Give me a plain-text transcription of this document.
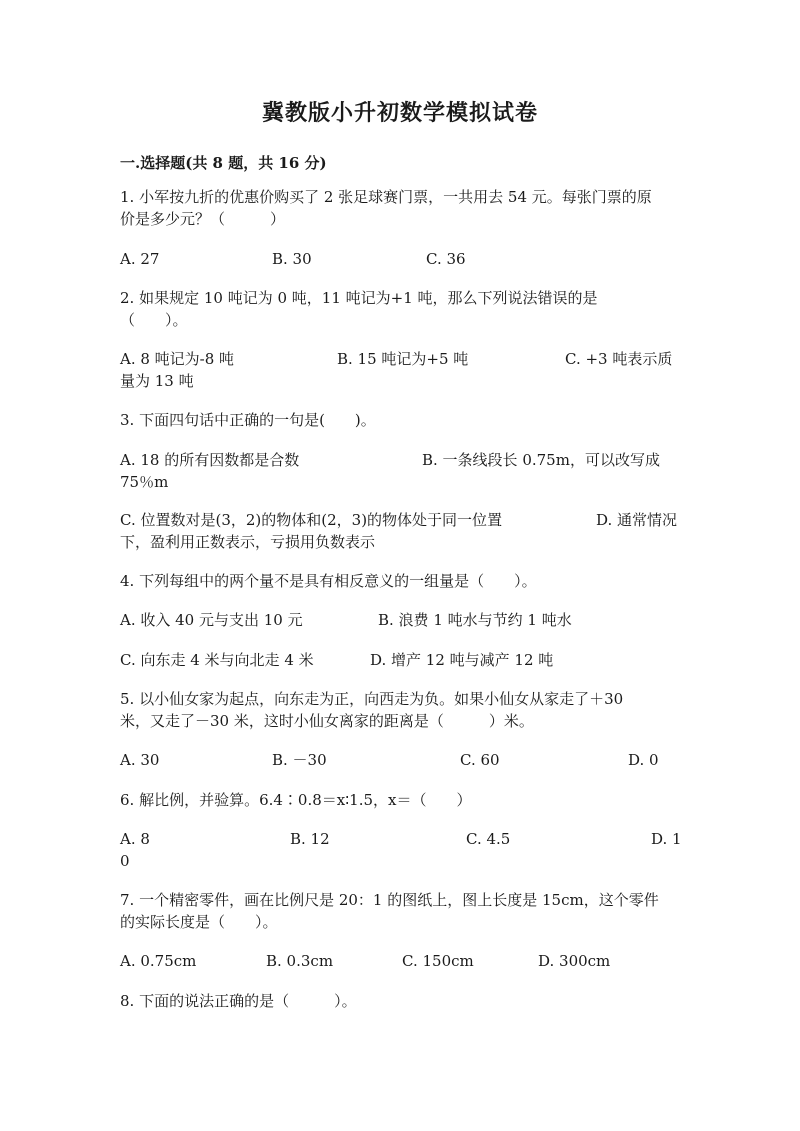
冀教版小升初数学模拟试卷
一.选择题(共 8 题，共 16 分)
1. 小军按九折的优惠价购买了 2 张足球赛门票，一共用去 54 元。每张门票的原
价是多少元？（　　　）
A. 27	B. 30	C. 36
2. 如果规定 10 吨记为 0 吨，11 吨记为+1 吨，那么下列说法错误的是
（　　）。
A. 8 吨记为-8 吨	B. 15 吨记为+5 吨	C. +3 吨表示质
量为 13 吨
3. 下面四句话中正确的一句是(　　)。
A. 18 的所有因数都是合数	B. 一条线段长 0.75m，可以改写成
75％m
C. 位置数对是(3，2)的物体和(2，3)的物体处于同一位置	D. 通常情况
下，盈利用正数表示，亏损用负数表示
4. 下列每组中的两个量不是具有相反意义的一组量是（　　）。
A. 收入 40 元与支出 10 元	B. 浪费 1 吨水与节约 1 吨水
C. 向东走 4 米与向北走 4 米	D. 增产 12 吨与减产 12 吨
5. 以小仙女家为起点，向东走为正，向西走为负。如果小仙女从家走了＋30
米，又走了－30 米，这时小仙女离家的距离是（　　　）米。
A. 30	B. －30	C. 60	D. 0
6. 解比例，并验算。6.4∶0.8＝x∶1.5，x＝（　　）
A. 8	B. 12	C. 4.5	D. 1
0
7. 一个精密零件，画在比例尺是 20：1 的图纸上，图上长度是 15cm，这个零件
的实际长度是（　　）。
A. 0.75cm	B. 0.3cm	C. 150cm	D. 300cm
8. 下面的说法正确的是（　　　）。
